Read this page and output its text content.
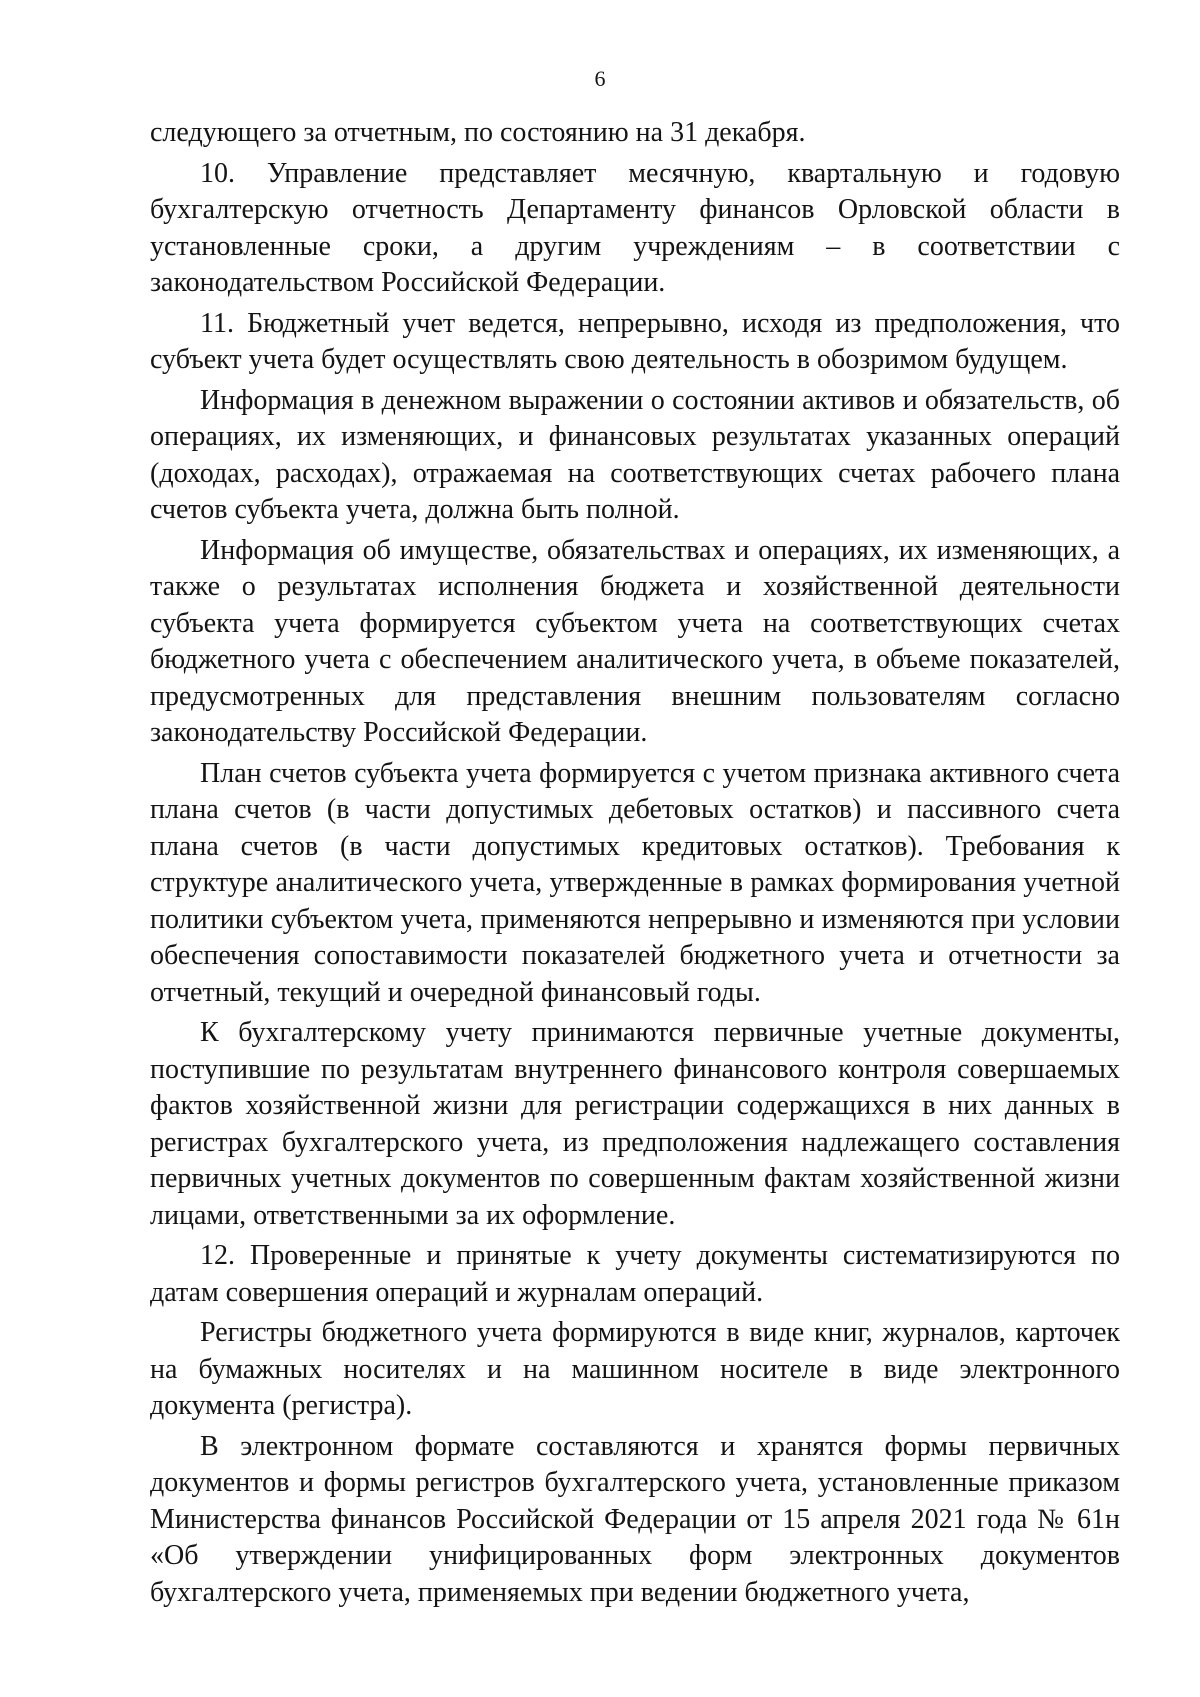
6

следующего за отчетным, по состоянию на 31 декабря.

10. Управление представляет месячную, квартальную и годовую бухгалтерскую отчетность Департаменту финансов Орловской области в установленные сроки, а другим учреждениям – в соответствии с законодательством Российской Федерации.

11. Бюджетный учет ведется, непрерывно, исходя из предположения, что субъект учета будет осуществлять свою деятельность в обозримом будущем.

Информация в денежном выражении о состоянии активов и обязательств, об операциях, их изменяющих, и финансовых результатах указанных операций (доходах, расходах), отражаемая на соответствующих счетах рабочего плана счетов субъекта учета, должна быть полной.

Информация об имуществе, обязательствах и операциях, их изменяющих, а также о результатах исполнения бюджета и хозяйственной деятельности субъекта учета формируется субъектом учета на соответствующих счетах бюджетного учета с обеспечением аналитического учета, в объеме показателей, предусмотренных для представления внешним пользователям согласно законодательству Российской Федерации.

План счетов субъекта учета формируется с учетом признака активного счета плана счетов (в части допустимых дебетовых остатков) и пассивного счета плана счетов (в части допустимых кредитовых остатков). Требования к структуре аналитического учета, утвержденные в рамках формирования учетной политики субъектом учета, применяются непрерывно и изменяются при условии обеспечения сопоставимости показателей бюджетного учета и отчетности за отчетный, текущий и очередной финансовый годы.

К бухгалтерскому учету принимаются первичные учетные документы, поступившие по результатам внутреннего финансового контроля совершаемых фактов хозяйственной жизни для регистрации содержащихся в них данных в регистрах бухгалтерского учета, из предположения надлежащего составления первичных учетных документов по совершенным фактам хозяйственной жизни лицами, ответственными за их оформление.

12. Проверенные и принятые к учету документы систематизируются по датам совершения операций и журналам операций.

Регистры бюджетного учета формируются в виде книг, журналов, карточек на бумажных носителях и на машинном носителе в виде электронного документа (регистра).

В электронном формате составляются и хранятся формы первичных документов и формы регистров бухгалтерского учета, установленные приказом Министерства финансов Российской Федерации от 15 апреля 2021 года № 61н «Об утверждении унифицированных форм электронных документов бухгалтерского учета, применяемых при ведении бюджетного учета,
